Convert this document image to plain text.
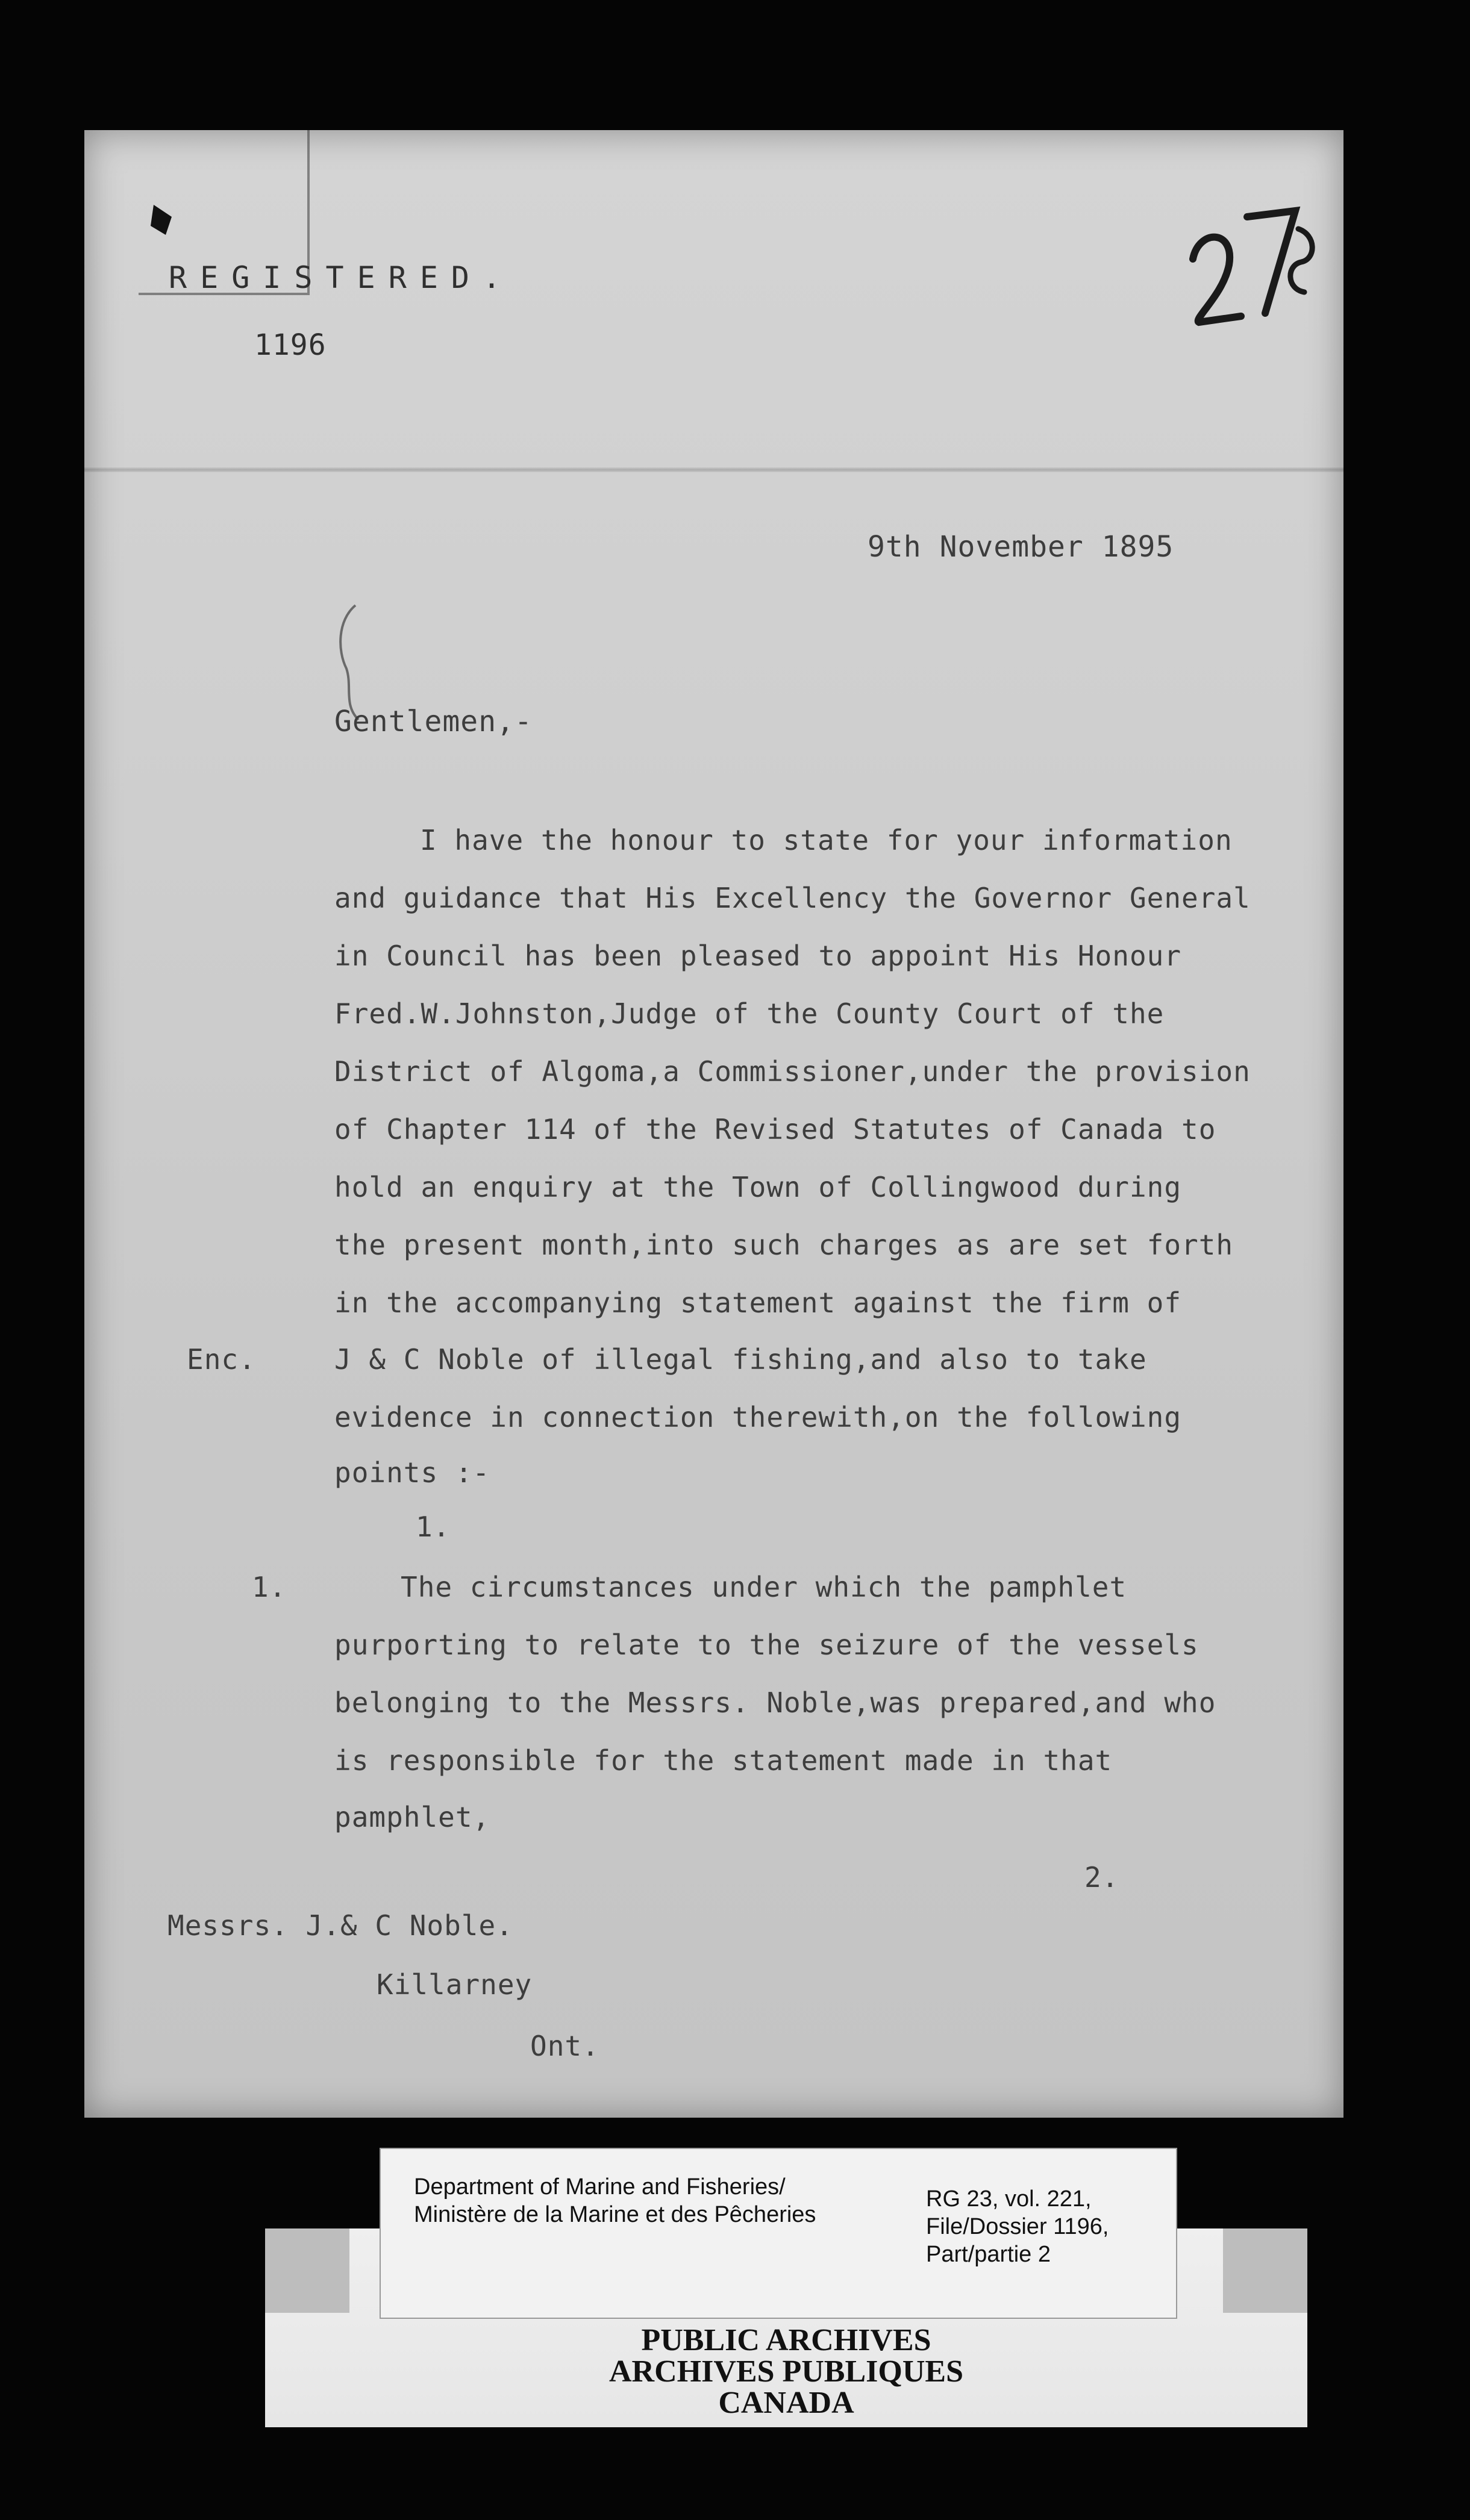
REGISTERED.
1196
9th November 1895
Gentlemen,-
I have the honour to state for your information
and guidance that His Excellency the Governor General
in Council has been pleased to appoint His Honour
Fred.W.Johnston,Judge of the County Court of the
District of Algoma,a Commissioner,under the provision
of Chapter 114 of the Revised Statutes of Canada to
hold an enquiry at the Town of Collingwood during
the present month,into such charges as are set forth
in the accompanying statement against the firm of
Enc.	J & C Noble of illegal fishing,and also to take
evidence in connection therewith,on the following
points :-
1.
1.	The circumstances under which the pamphlet
purporting to relate to the seizure of the vessels
belonging to the Messrs. Noble,was prepared,and who
is responsible for the statement made in that
pamphlet,
2.
Messrs. J.& C Noble.
Killarney
Ont.
PUBLIC ARCHIVES
ARCHIVES PUBLIQUES
CANADA
Department of Marine and Fisheries/
Ministère de la Marine et des Pêcheries
RG 23, vol. 221,
File/Dossier 1196,
Part/partie 2
